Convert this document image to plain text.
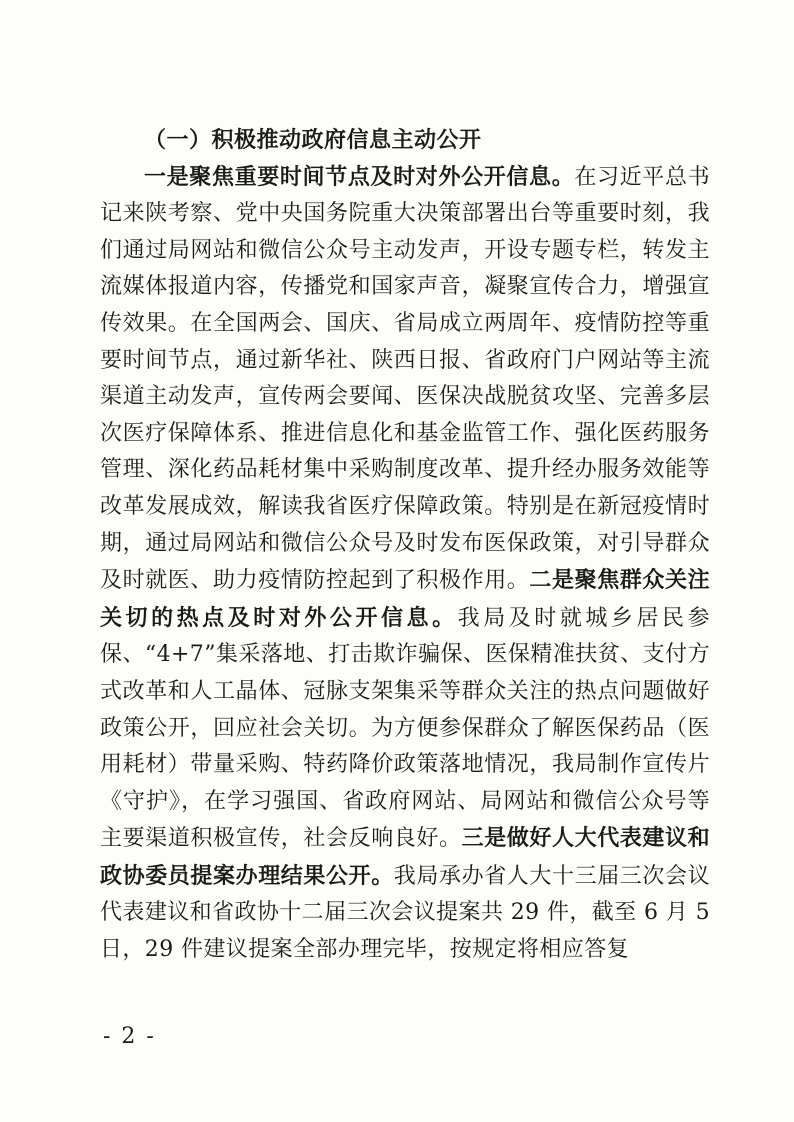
（一）积极推动政府信息主动公开

一是聚焦重要时间节点及时对外公开信息。在习近平总书记来陕考察、党中央国务院重大决策部署出台等重要时刻，我们通过局网站和微信公众号主动发声，开设专题专栏，转发主流媒体报道内容，传播党和国家声音，凝聚宣传合力，增强宣传效果。在全国两会、国庆、省局成立两周年、疫情防控等重要时间节点，通过新华社、陕西日报、省政府门户网站等主流渠道主动发声，宣传两会要闻、医保决战脱贫攻坚、完善多层次医疗保障体系、推进信息化和基金监管工作、强化医药服务管理、深化药品耗材集中采购制度改革、提升经办服务效能等改革发展成效，解读我省医疗保障政策。特别是在新冠疫情时期，通过局网站和微信公众号及时发布医保政策，对引导群众及时就医、助力疫情防控起到了积极作用。二是聚焦群众关注关切的热点及时对外公开信息。我局及时就城乡居民参保、“4+7”集采落地、打击欺诈骗保、医保精准扶贫、支付方式改革和人工晶体、冠脉支架集采等群众关注的热点问题做好政策公开，回应社会关切。为方便参保群众了解医保药品（医用耗材）带量采购、特药降价政策落地情况，我局制作宣传片《守护》，在学习强国、省政府网站、局网站和微信公众号等主要渠道积极宣传，社会反响良好。三是做好人大代表建议和政协委员提案办理结果公开。我局承办省人大十三届三次会议代表建议和省政协十二届三次会议提案共 29 件，截至 6 月 5 日，29 件建议提案全部办理完毕，按规定将相应答复

- 2 -
